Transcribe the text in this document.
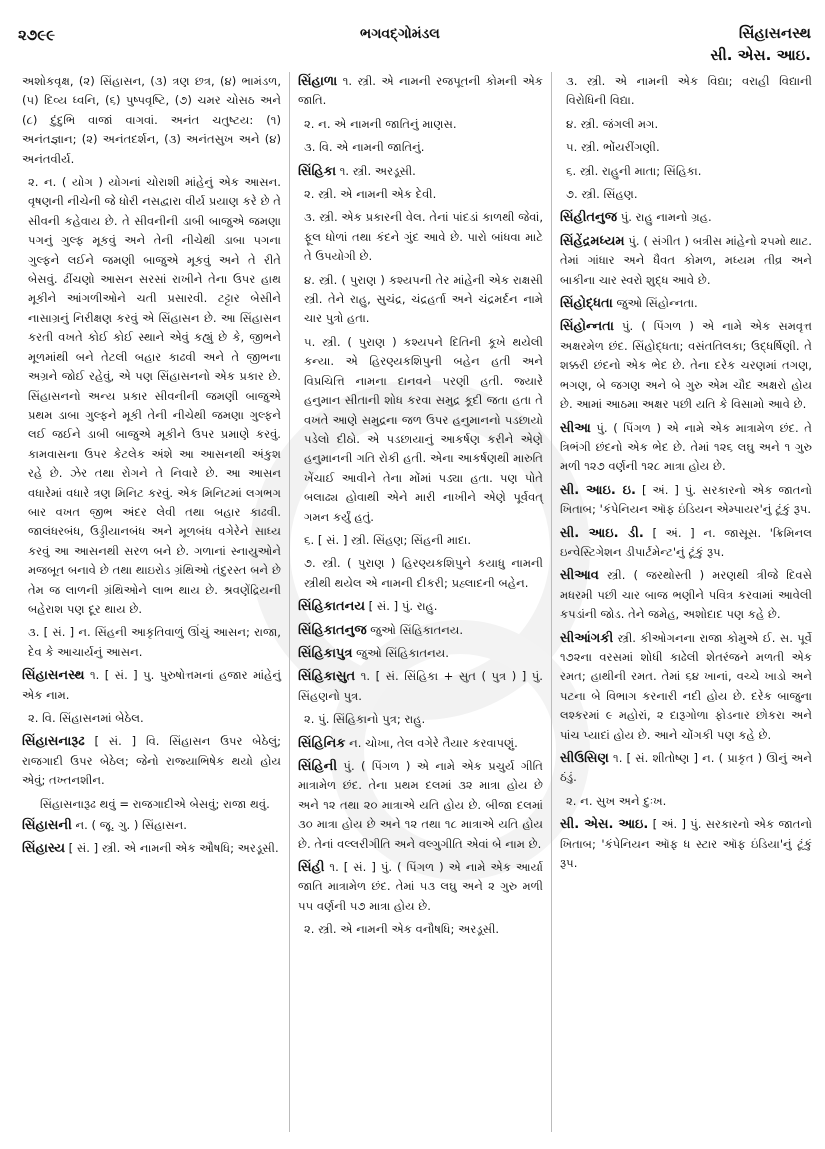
૨૭૯૯	ભગવદ્ગોમંડલ	સિંહાસનસ્થ
સી. એસ. આઇ.

અશોકવૃક્ષ, (૨) સિંહાસન, (૩) ત્રણ છત્ર, (૪) ભામંડળ, (૫) દિવ્ય ધ્વનિ, (૬) પુષ્પવૃષ્ટિ, (૭) ચમર ચોસઠ અને (૮) દુંદુભિ વાજાં વાગવાં. અનંત ચતુષ્ટય: (૧) અનંતજ્ઞાન; (૨) અનંતદર્શન, (૩) અનંતસુખ અને (૪) અનંતવીર્ય.

૨. ન. ( યોગ ) યોગનાં ચોરાશી માંહેનું એક આસન. વૃષણની નીચેની જે ધોરી નસદ્વારા વીર્ય પ્રયાણ કરે છે તે સીવની કહેવાય છે. તે સીવનીની ડાબી બાજુએ જમણા પગનું ગુલ્ફ મૂકવું અને તેની નીચેથી ડાબા પગના ગુલ્ફને લઈને જમણી બાજુએ મૂકવું અને તે રીતે બેસવું. ઢીંચણો આસન સરસાં રાખીને તેના ઉપર હાથ મૂકીને આંગળીઓને ચતી પ્રસારવી. ટટ્ટાર બેસીને નાસાગ્રનું નિરીક્ષણ કરવું એ સિંહાસન છે. આ સિંહાસન કરતી વખતે કોઈ કોઈ સ્થાને એવું કહ્યું છે કે, જીભને મૂળમાંથી બને તેટલી બહાર કાઢવી અને તે જીભના અગ્રને જોઈ રહેવું, એ પણ સિંહાસનનો એક પ્રકાર છે. સિંહાસનનો અન્ય પ્રકાર સીવનીની જમણી બાજુએ પ્રથમ ડાબા ગુલ્ફને મૂકી તેની નીચેથી જમણા ગુલ્ફને લઈ જઈને ડાબી બાજુએ મૂકીને ઉપર પ્રમાણે કરવું. કામવાસના ઉપર કેટલેક અંશે આ આસનથી અંકુશ રહે છે. ઝેર તથા રોગને તે નિવારે છે. આ આસન વધારેમાં વધારે ત્રણ મિનિટ કરવું. એક મિનિટમાં લગભગ બાર વખત જીભ અંદર લેવી તથા બહાર કાઢવી. જાલંધરબંધ, ઉડ્ડીયાનબંધ અને મૂળબંધ વગેરેને સાધ્ય કરવું આ આસનથી સરળ બને છે. ગળાનાં સ્નાયુઓને મજબૂત બનાવે છે તથા થાઇરોડ ગ્રંથિઓ તંદુરસ્ત બને છે તેમ જ લાળની ગ્રંથિઓને લાભ થાય છે. શ્રવણેંદ્રિયની બહેરાશ પણ દૂર થાય છે.

૩. [ સં. ] ન. સિંહની આકૃતિવાળું ઊંચું આસન; રાજા, દેવ કે આચાર્યનું આસન.

સિંહાસનસ્થ ૧. [ સં. ] પુ. પુરુષોત્તમનાં હજાર માંહેનું એક નામ.

૨. વિ. સિંહાસનમાં બેઠેલ.

સિંહાસનારૂઢ [ સં. ] વિ. સિંહાસન ઉપર બેઠેલું; રાજગાદી ઉપર બેઠેલ; જેનો રાજ્યાભિષેક થયો હોય એવું; તખ્તનશીન.

સિંહાસનારૂઢ થવું = રાજગાદીએ બેસવું; રાજા થવું.

સિંહાસની ન. ( જૂ. ગુ. ) સિંહાસન.

સિંહાસ્ય [ સં. ] સ્ત્રી. એ નામની એક ઔષધિ; અરડૂસી.

સિંહાળા ૧. સ્ત્રી. એ નામની રજપૂતની કોમની એક જાતિ.

૨. ન. એ નામની જાતિનું માણસ.

૩. વિ. એ નામની જાતિનું.

સિંહિકા ૧. સ્ત્રી. અરડૂસી.

૨. સ્ત્રી. એ નામની એક દેવી.

૩. સ્ત્રી. એક પ્રકારની વેલ. તેનાં પાંદડાં કાળથી જેવાં, ફૂલ ધોળાં તથા કંદને ગુંદ આવે છે. પારો બાંધવા માટે તે ઉપયોગી છે.

૪. સ્ત્રી. ( પુરાણ ) કશ્યપની તેર માંહેની એક રાક્ષસી સ્ત્રી. તેને રાહુ, સુચંદ્ર, ચંદ્રહર્તા અને ચંદ્રમર્દન નામે ચાર પુત્રો હતા.

૫. સ્ત્રી. ( પુરાણ ) કશ્યપને દિતિની કૂખે થયેલી કન્યા. એ હિરણ્યકશિપુની બહેન હતી અને વિપ્રચિત્તિ નામના દાનવને પરણી હતી. જ્યારે હનુમાન સીતાની શોધ કરવા સમુદ્ર કૂદી જતા હતા તે વખતે આણે સમુદ્રના જળ ઉપર હનુમાનનો પડછાયો પડેલો દીઠો. એ પડછાયાનું આકર્ષણ કરીને એણે હનુમાનની ગતિ રોકી હતી. એના આકર્ષણથી મારુતિ ખેંચાઈ આવીને તેના મોંમાં પડ્યા હતા. પણ પોતે બલાઢ્ય હોવાથી એને મારી નાખીને એણે પૂર્વવત્ ગમન કર્યું હતું.

૬. [ સં. ] સ્ત્રી. સિંહણ; સિંહની માદા.

૭. સ્ત્રી. ( પુરાણ ) હિરણ્યકશિપુને કયાધુ નામની સ્ત્રીથી થયેલ એ નામની દીકરી; પ્રહ્લાદની બહેન.

સિંહિકાતનય [ સં. ] પું. રાહુ.

સિંહિકાતનુજ જુઓ સિંહિકાતનય.

સિંહિકાપુત્ર જુઓ સિંહિકાતનય.

સિંહિકાસુત ૧. [ સં. સિંહિકા + સુત ( પુત્ર ) ] પું. સિંહણનો પુત્ર.

૨. પું. સિંહિકાનો પુત્ર; રાહુ.

સિંહિનિક ન. ચોખા, તેલ વગેરે તૈયાર કરવાપણું.

સિંહિની પું. ( પિંગળ ) એ નામે એક પ્રચુર્ય ગીતિ માત્રામેળ છંદ. તેના પ્રથમ દલમાં ૩૨ માત્રા હોય છે અને ૧૨ તથા ૨૦ માત્રાએ યતિ હોય છે. બીજા દલમાં ૩૦ માત્રા હોય છે અને ૧૨ તથા ૧૮ માત્રાએ યતિ હોય છે. તેનાં વલ્લરીગીતિ અને વલ્ગુગીતિ એવાં બે નામ છે.

સિંહી ૧. [ સં. ] પું. ( પિંગળ ) એ નામે એક આર્યા જાતિ માત્રામેળ છંદ. તેમાં ૫૩ લઘુ અને ૨ ગુરુ મળી ૫૫ વર્ણની ૫૭ માત્રા હોય છે.

૨. સ્ત્રી. એ નામની એક વનૌષધિ; અરડૂસી.

૩. સ્ત્રી. એ નામની એક વિદ્યા; વરાહી વિદ્યાની વિરોધિની વિદ્યા.

૪. સ્ત્રી. જંગલી મગ.

૫. સ્ત્રી. ભોંયરીંગણી.

૬. સ્ત્રી. રાહુની માતા; સિંહિકા.

૭. સ્ત્રી. સિંહણ.

સિંહીતનુજ પું. રાહુ નામનો ગ્રહ.

સિંહેંદ્રમધ્યમ પું. ( સંગીત ) બત્રીસ માંહેનો ૨૫મો થાટ. તેમાં ગાંધાર અને ધૈવત કોમળ, મધ્યમ તીવ્ર અને બાકીના ચાર સ્વરો શુદ્ધ આવે છે.

સિંહોદ્ધતા જુઓ સિંહોન્નતા.

સિંહોન્નતા પું. ( પિંગળ ) એ નામે એક સમવૃત્ત અક્ષરમેળ છંદ. સિંહોદ્ધતા; વસંતતિલકા; ઉદ્ધર્ષિણી. તે શક્કરી છંદનો એક ભેદ છે. તેના દરેક ચરણમાં તગણ, ભગણ, બે જગણ અને બે ગુરુ એમ ચૌદ અક્ષરો હોય છે. આમાં આઠમા અક્ષર પછી યતિ કે વિસામો આવે છે.

સીઆ પું. ( પિંગળ ) એ નામે એક માત્રામેળ છંદ. તે ત્રિભંગી છંદનો એક ભેદ છે. તેમાં ૧૨૬ લઘુ અને ૧ ગુરુ મળી ૧૨૭ વર્ણની ૧૨૮ માત્રા હોય છે.

સી. આઇ. ઇ. [ અં. ] પું. સરકારનો એક જાતનો ખિતાબ; 'કંપેનિયન ઑફ ઇંડિયન એમ્પાયર'નું ટૂંકું રૂપ.

સી. આઇ. ડી. [ અં. ] ન. જાસૂસ. 'ક્રિમિનલ ઇન્વેસ્ટિગેશન ડીપાર્ટમેન્ટ'નું ટૂંકું રૂપ.

સીઆવ સ્ત્રી. ( જરથોસ્તી ) મરણથી ત્રીજે દિવસે મધરમી પછી ચાર બાજ ભણીને પવિત્ર કરવામાં આવેલી કપડાંની જોડ. તેને જમેહ, અશોદાદ પણ કહે છે.

સીઆંગકી સ્ત્રી. કીઓગનના રાજા કોમુએ ઈ. સ. પૂર્વે ૧૭૨ના વરસમાં શોધી કાઢેલી શેતરંજને મળતી એક રમત; હાથીની રમત. તેમાં ૬૪ ખાનાં, વચ્ચે ખાડો અને પટના બે વિભાગ કરનારી નદી હોય છે. દરેક બાજુના લશ્કરમાં ૯ મહોરાં, ૨ દારૂગોળા ફોડનાર છોકરા અને પાંચ પ્યાદાં હોય છે. આને ચોંગકી પણ કહે છે.

સીઉસિણ ૧. [ સં. શીતોષ્ણ ] ન. ( પ્રાકૃત ) ઊનું અને ઠંડું.

૨. ન. સુખ અને દુઃખ.

સી. એસ. આઇ. [ અં. ] પું. સરકારનો એક જાતનો ખિતાબ; 'કંપેનિયન ઑફ ધ સ્ટાર ઑફ ઇંડિયા'નું ટૂંકું રૂપ.
